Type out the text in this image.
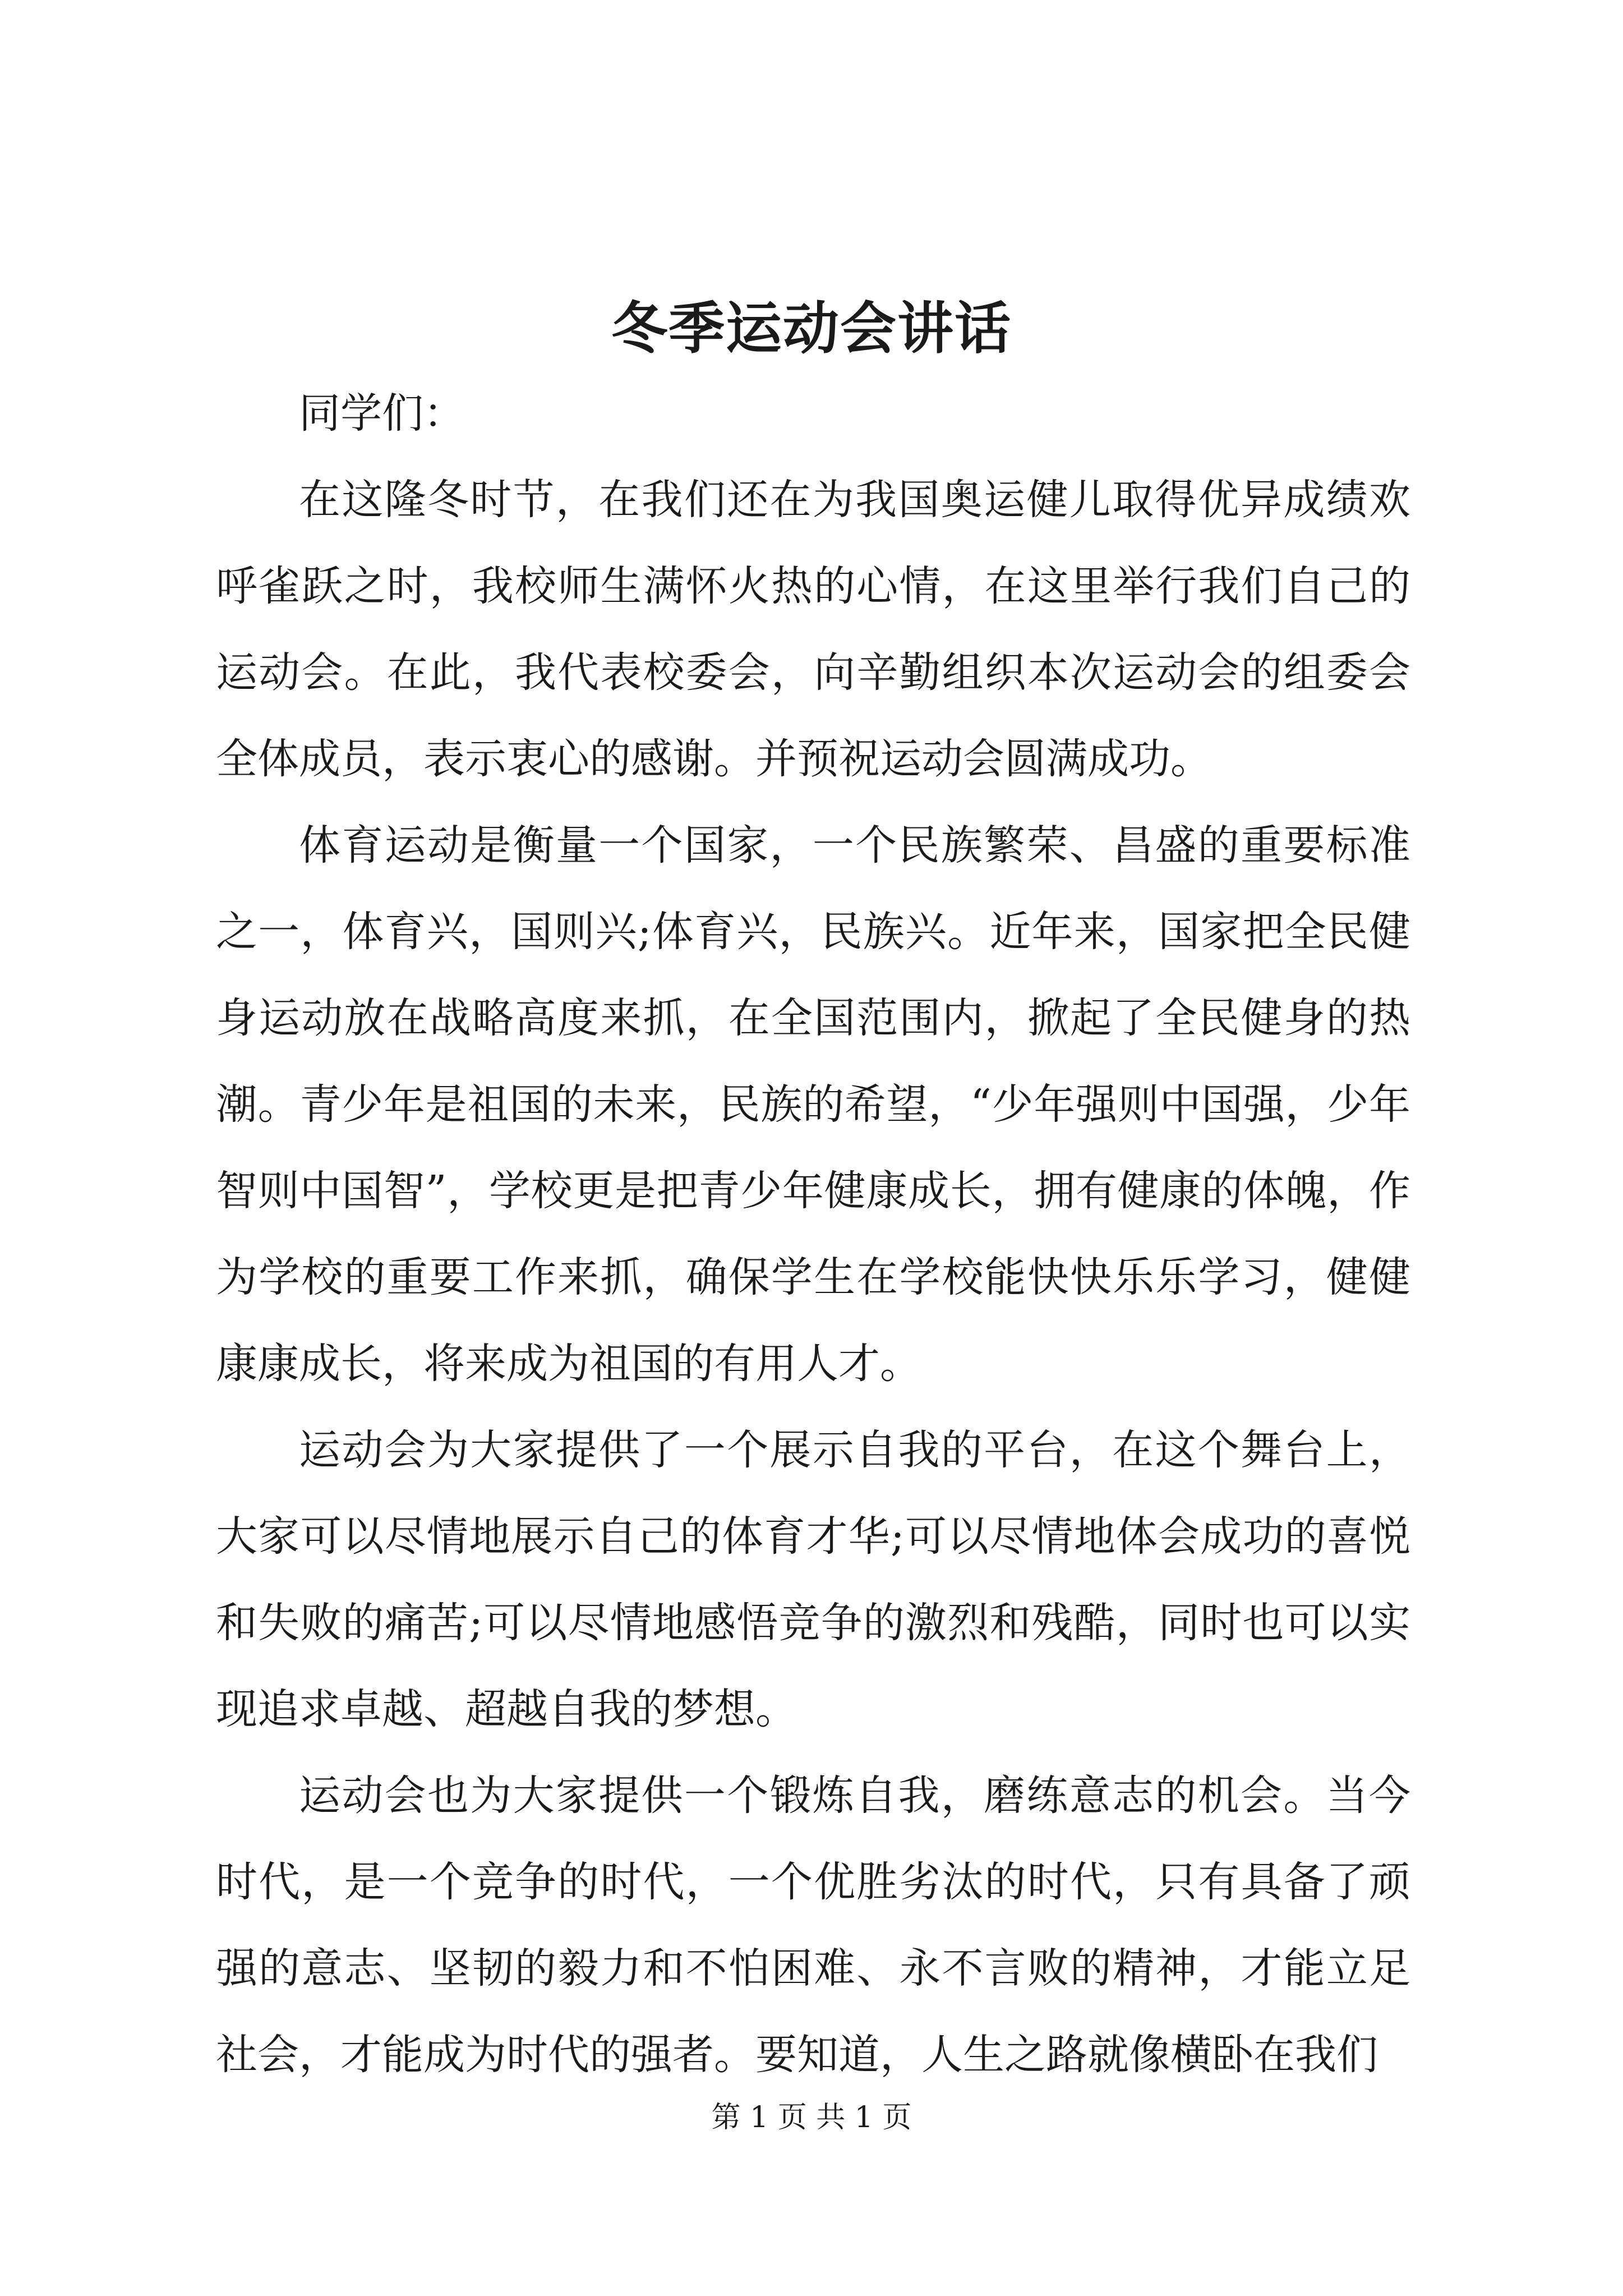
冬季运动会讲话

同学们：

在这隆冬时节，在我们还在为我国奥运健儿取得优异成绩欢呼雀跃之时，我校师生满怀火热的心情，在这里举行我们自己的运动会。在此，我代表校委会，向辛勤组织本次运动会的组委会全体成员，表示衷心的感谢。并预祝运动会圆满成功。

体育运动是衡量一个国家，一个民族繁荣、昌盛的重要标准之一，体育兴，国则兴;体育兴，民族兴。近年来，国家把全民健身运动放在战略高度来抓，在全国范围内，掀起了全民健身的热潮。青少年是祖国的未来，民族的希望，“少年强则中国强，少年智则中国智”，学校更是把青少年健康成长，拥有健康的体魄，作为学校的重要工作来抓，确保学生在学校能快快乐乐学习，健健康康成长，将来成为祖国的有用人才。

运动会为大家提供了一个展示自我的平台，在这个舞台上，大家可以尽情地展示自己的体育才华;可以尽情地体会成功的喜悦和失败的痛苦;可以尽情地感悟竞争的激烈和残酷，同时也可以实现追求卓越、超越自我的梦想。

运动会也为大家提供一个锻炼自我，磨练意志的机会。当今时代，是一个竞争的时代，一个优胜劣汰的时代，只有具备了顽强的意志、坚韧的毅力和不怕困难、永不言败的精神，才能立足社会，才能成为时代的强者。要知道，人生之路就像横卧在我们

第 1 页 共 1 页
